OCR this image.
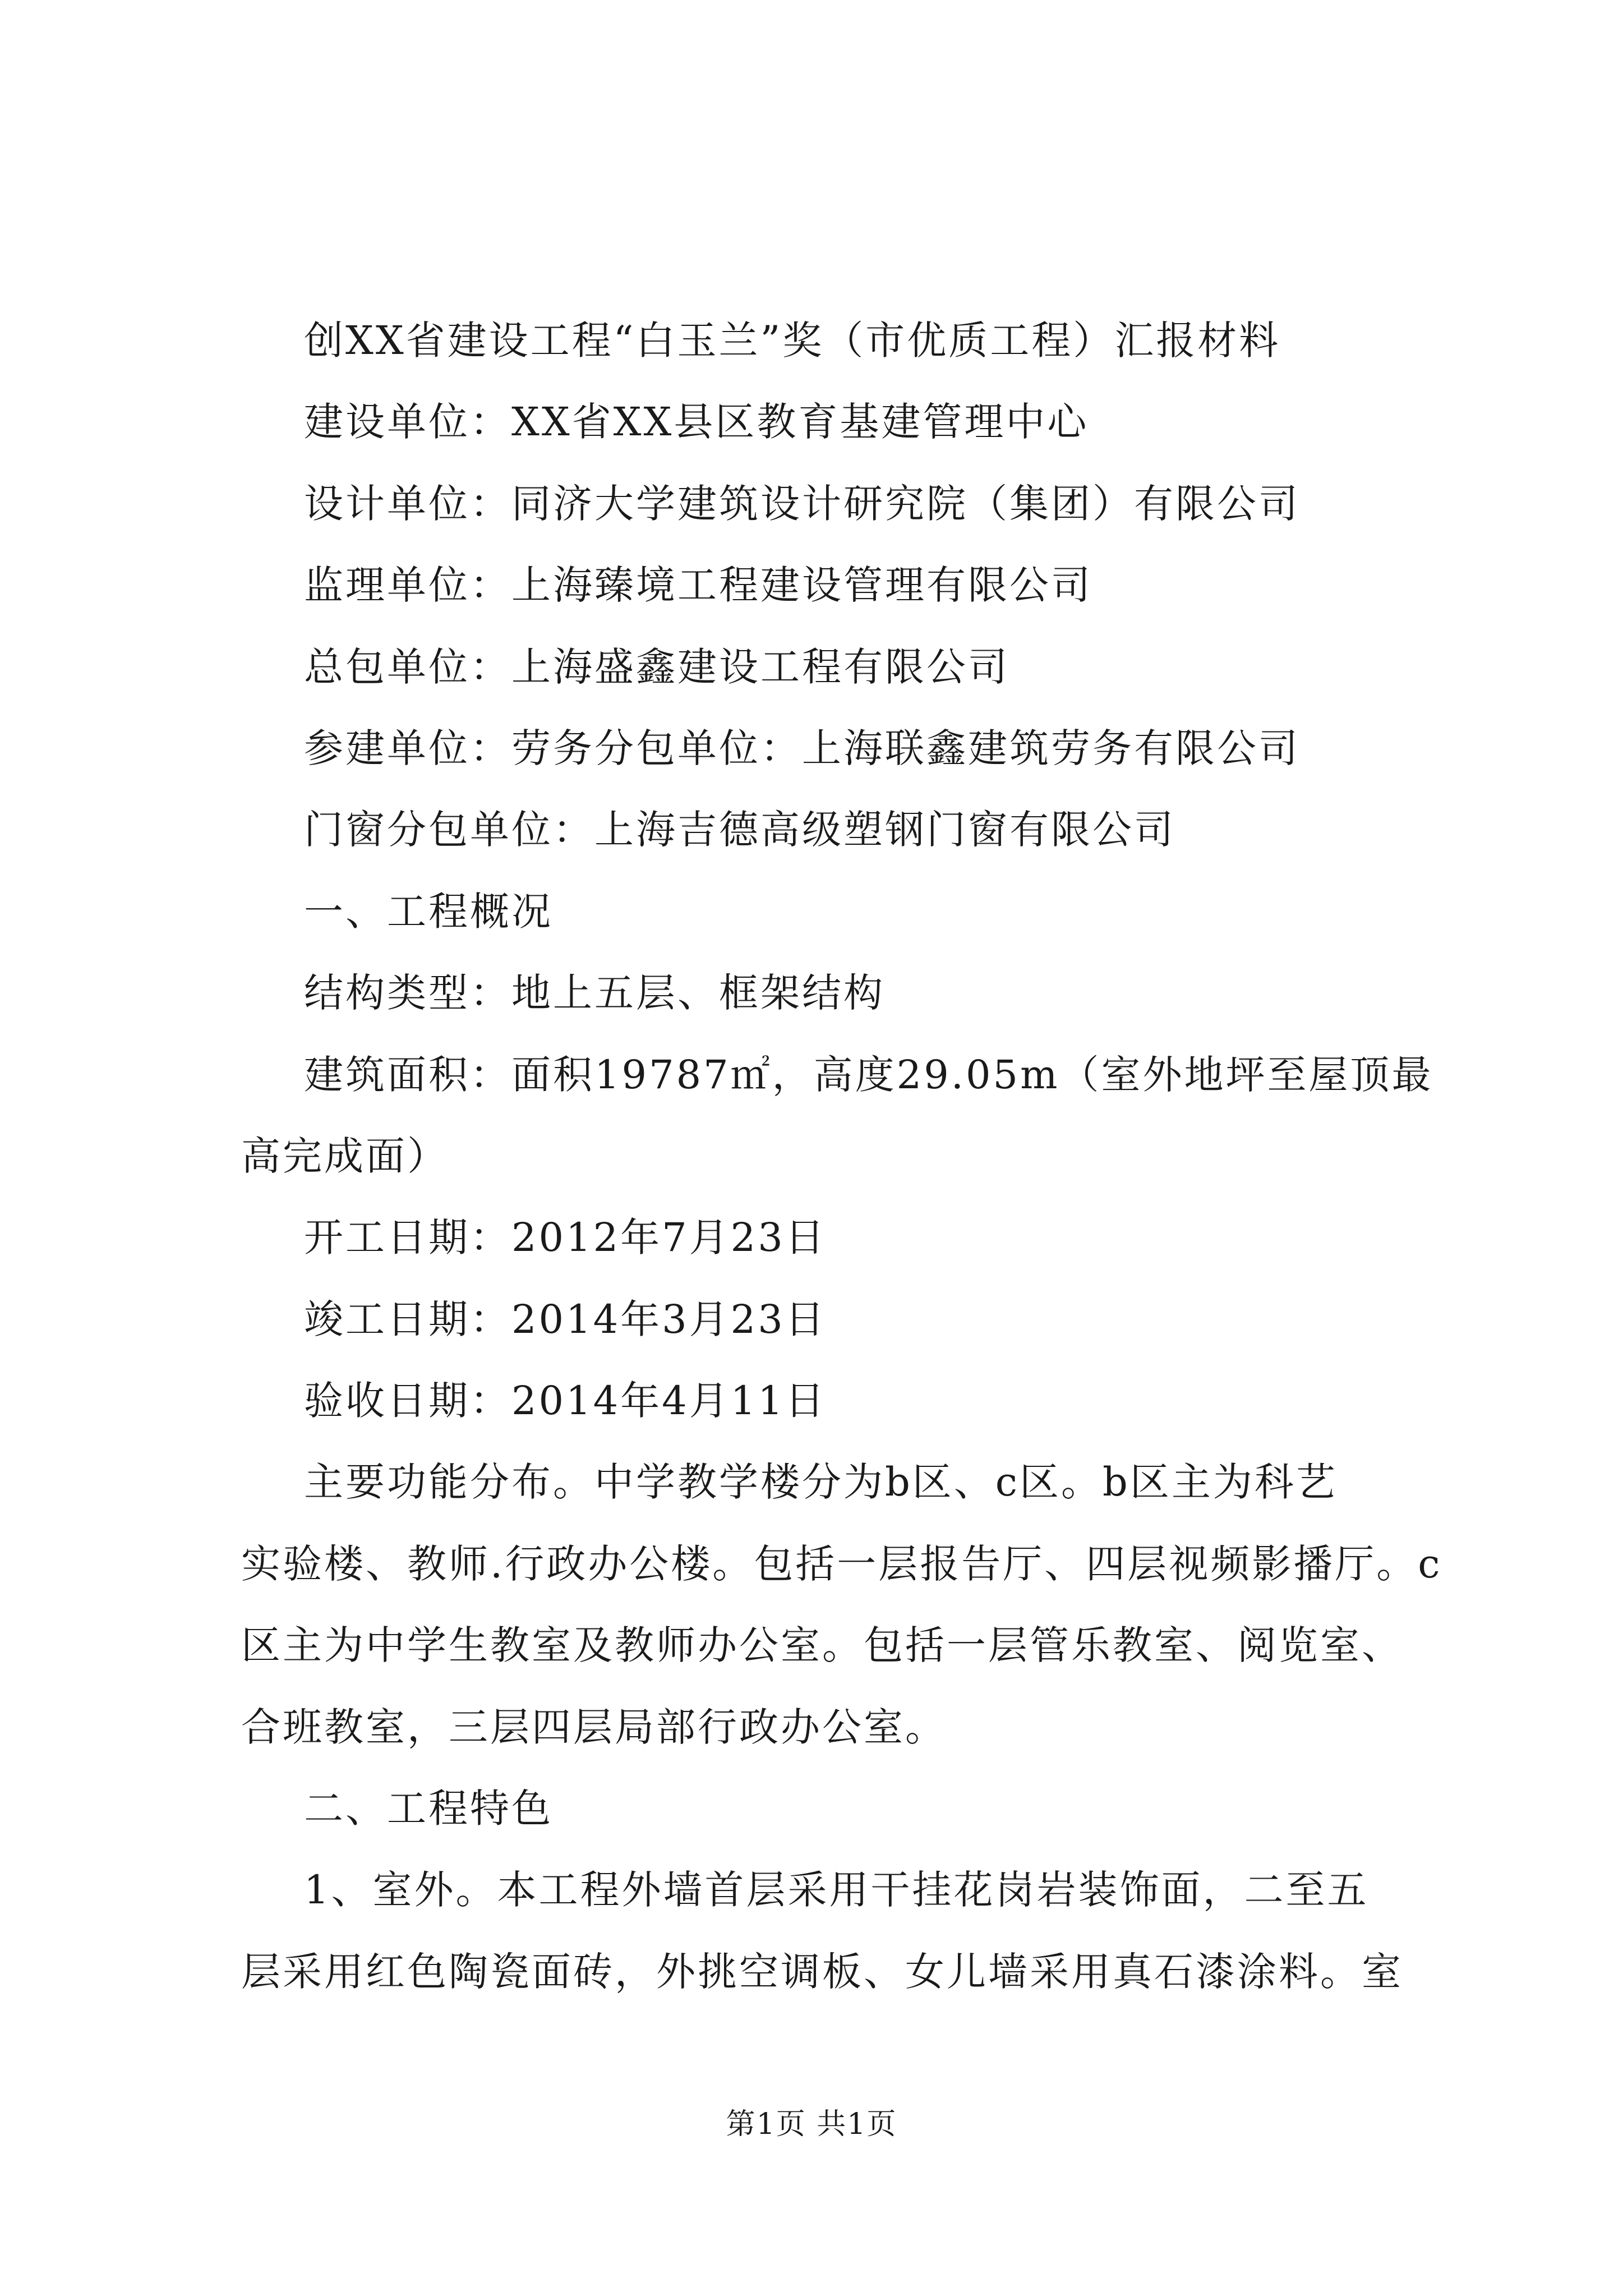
创XX省建设工程“白玉兰”奖（市优质工程）汇报材料
建设单位：XX省XX县区教育基建管理中心
设计单位：同济大学建筑设计研究院（集团）有限公司
监理单位：上海臻境工程建设管理有限公司
总包单位：上海盛鑫建设工程有限公司
参建单位：劳务分包单位：上海联鑫建筑劳务有限公司
门窗分包单位：上海吉德高级塑钢门窗有限公司
一、工程概况
结构类型：地上五层、框架结构
建筑面积：面积19787㎡，高度29.05m（室外地坪至屋顶最
高完成面）
开工日期：2012年7月23日
竣工日期：2014年3月23日
验收日期：2014年4月11日
主要功能分布。中学教学楼分为b区、c区。b区主为科艺
实验楼、教师.行政办公楼。包括一层报告厅、四层视频影播厅。c
区主为中学生教室及教师办公室。包括一层管乐教室、阅览室、
合班教室，三层四层局部行政办公室。
二、工程特色
1、室外。本工程外墙首层采用干挂花岗岩装饰面，二至五
层采用红色陶瓷面砖，外挑空调板、女儿墙采用真石漆涂料。室
第1页 共1页
